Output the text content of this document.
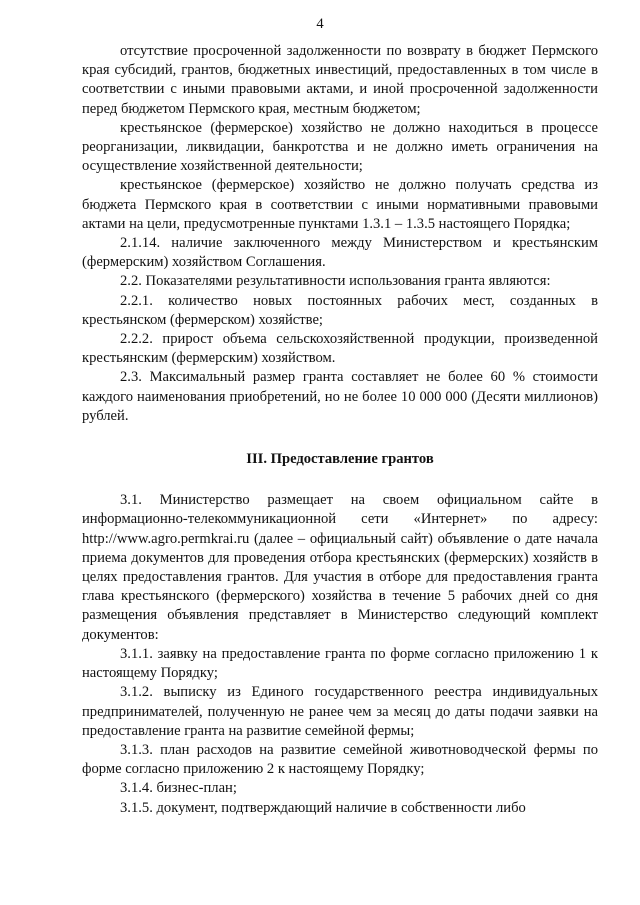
4

отсутствие просроченной задолженности по возврату в бюджет Пермского края субсидий, грантов, бюджетных инвестиций, предоставленных в том числе в соответствии с иными правовыми актами, и иной просроченной задолженности перед бюджетом Пермского края, местным бюджетом;

крестьянское (фермерское) хозяйство не должно находиться в процессе реорганизации, ликвидации, банкротства и не должно иметь ограничения на осуществление хозяйственной деятельности;

крестьянское (фермерское) хозяйство не должно получать средства из бюджета Пермского края в соответствии с иными нормативными правовыми актами на цели, предусмотренные пунктами 1.3.1 – 1.3.5 настоящего Порядка;

2.1.14. наличие заключенного между Министерством и крестьянским (фермерским) хозяйством Соглашения.

2.2. Показателями результативности использования гранта являются:

2.2.1. количество новых постоянных рабочих мест, созданных в крестьянском (фермерском) хозяйстве;

2.2.2. прирост объема сельскохозяйственной продукции, произведенной крестьянским (фермерским) хозяйством.

2.3. Максимальный размер гранта составляет не более 60 % стоимости каждого наименования приобретений, но не более 10 000 000 (Десяти миллионов) рублей.

III. Предоставление грантов

3.1. Министерство размещает на своем официальном сайте в информационно-телекоммуникационной сети «Интернет» по адресу: http://www.agro.permkrai.ru (далее – официальный сайт) объявление о дате начала приема документов для проведения отбора крестьянских (фермерских) хозяйств в целях предоставления грантов. Для участия в отборе для предоставления гранта глава крестьянского (фермерского) хозяйства в течение 5 рабочих дней со дня размещения объявления представляет в Министерство следующий комплект документов:

3.1.1. заявку на предоставление гранта по форме согласно приложению 1 к настоящему Порядку;

3.1.2. выписку из Единого государственного реестра индивидуальных предпринимателей, полученную не ранее чем за месяц до даты подачи заявки на предоставление гранта на развитие семейной фермы;

3.1.3. план расходов на развитие семейной животноводческой фермы по форме согласно приложению 2 к настоящему Порядку;

3.1.4. бизнес-план;

3.1.5. документ, подтверждающий наличие в собственности либо
